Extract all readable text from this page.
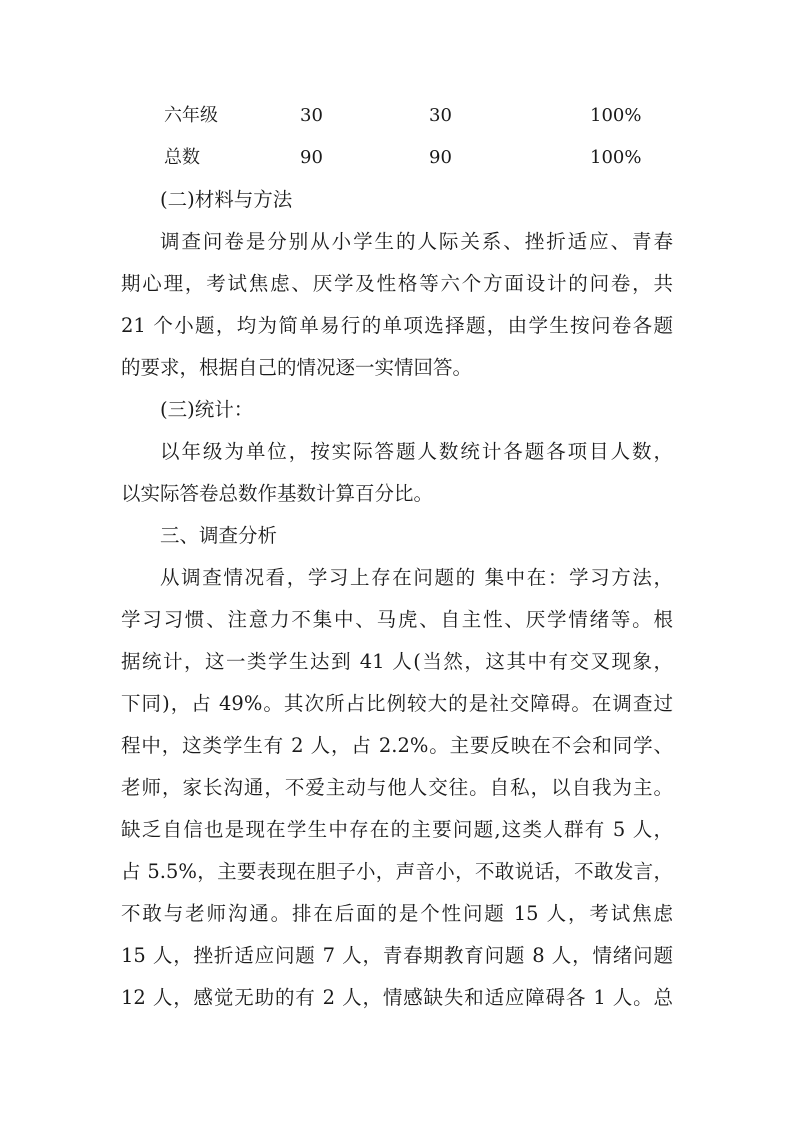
六年级	30	30	100%
总数	90	90	100%
(二)材料与方法
调查问卷是分别从小学生的人际关系、挫折适应、青春
期心理，考试焦虑、厌学及性格等六个方面设计的问卷，共
21 个小题，均为简单易行的单项选择题，由学生按问卷各题
的要求，根据自己的情况逐一实情回答。
(三)统计：
以年级为单位，按实际答题人数统计各题各项目人数，
以实际答卷总数作基数计算百分比。
三、调查分析
从调查情况看，学习上存在问题的 集中在：学习方法，
学习习惯、注意力不集中、马虎、自主性、厌学情绪等。根
据统计，这一类学生达到 41 人(当然，这其中有交叉现象，
下同)，占 49%。其次所占比例较大的是社交障碍。在调查过
程中，这类学生有 2 人，占 2.2%。主要反映在不会和同学、
老师，家长沟通，不爱主动与他人交往。自私，以自我为主。
缺乏自信也是现在学生中存在的主要问题,这类人群有 5 人，
占 5.5%，主要表现在胆子小，声音小，不敢说话，不敢发言，
不敢与老师沟通。排在后面的是个性问题 15 人，考试焦虑
15 人，挫折适应问题 7 人，青春期教育问题 8 人，情绪问题
12 人，感觉无助的有 2 人，情感缺失和适应障碍各 1 人。总
